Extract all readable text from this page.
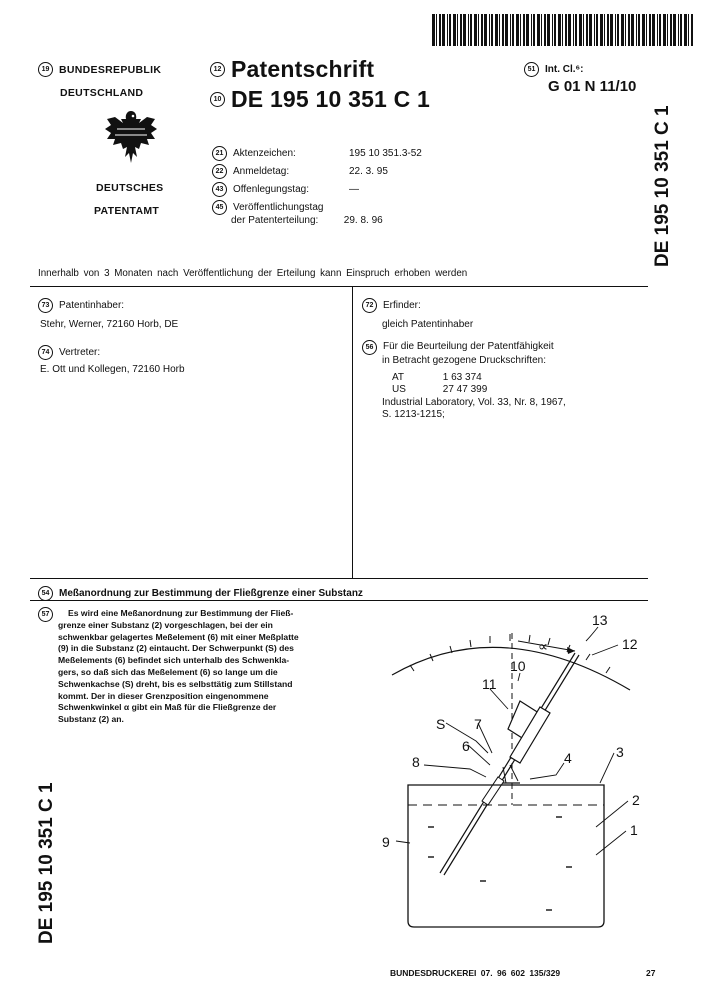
19 BUNDESREPUBLIK
DEUTSCHLAND
DEUTSCHES
PATENTAMT
12 Patentschrift
10 DE 195 10 351 C 1
51 Int. Cl.⁶:
G 01 N 11/10
DE 195 10 351 C 1
21 Aktenzeichen:	195 10 351.3-52
22 Anmeldetag:	22. 3. 95
43 Offenlegungstag:	—
45 Veröffentlichungstag
der Patenterteilung:	29. 8. 96
Innerhalb von 3 Monaten nach Veröffentlichung der Erteilung kann Einspruch erhoben werden
73 Patentinhaber:
Stehr, Werner, 72160 Horb, DE
74 Vertreter:
E. Ott und Kollegen, 72160 Horb
72 Erfinder:
gleich Patentinhaber
56 Für die Beurteilung der Patentfähigkeit
in Betracht gezogene Druckschriften:
AT	1 63 374
US	27 47 399
Industrial Laboratory, Vol. 33, Nr. 8, 1967,
S. 1213-1215;
54 Meßanordnung zur Bestimmung der Fließgrenze einer Substanz
57	Es wird eine Meßanordnung zur Bestimmung der Fließ-
grenze einer Substanz (2) vorgeschlagen, bei der ein
schwenkbar gelagertes Meßelement (6) mit einer Meßplatte
(9) in die Substanz (2) eintaucht. Der Schwerpunkt (S) des
Meßelements (6) befindet sich unterhalb des Schwenkla-
gers, so daß sich das Meßelement (6) so lange um die
Schwenkachse (S) dreht, bis es selbsttätig zum Stillstand
kommt. Der in dieser Grenzposition eingenommene
Schwenkwinkel α gibt ein Maß für die Fließgrenze der
Substanz (2) an.
DE 195 10 351 C 1
13
12
∝
10
11
S 7
6
4	3
8
2
1
9
BUNDESDRUCKEREI 07. 96 602 135/329	27
